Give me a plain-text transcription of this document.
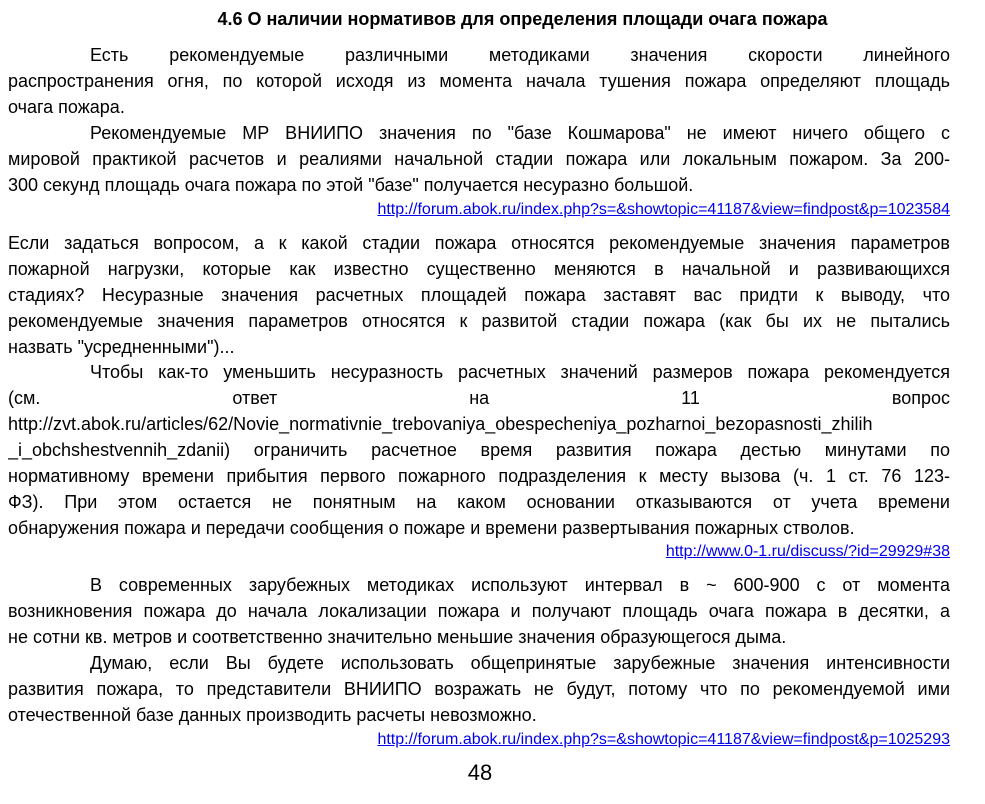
4.6 О наличии нормативов для определения площади очага пожара
Есть рекомендуемые различными методиками значения скорости линейного
распространения огня, по которой исходя из момента начала тушения пожара определяют площадь
очага пожара.
Рекомендуемые МР ВНИИПО значения по "базе Кошмарова" не имеют ничего общего с
мировой практикой расчетов и реалиями начальной стадии пожара или локальным пожаром. За 200-
300 секунд площадь очага пожара по этой "базе" получается несуразно большой.
http://forum.abok.ru/index.php?s=&showtopic=41187&view=findpost&p=1023584
Если задаться вопросом, а к какой стадии пожара относятся рекомендуемые значения параметров
пожарной нагрузки, которые как известно существенно меняются в начальной и развивающихся
стадиях? Несуразные значения расчетных площадей пожара заставят вас придти к выводу, что
рекомендуемые значения параметров относятся к развитой стадии пожара (как бы их не пытались
назвать "усредненными")...
Чтобы как-то уменьшить несуразность расчетных значений размеров пожара рекомендуется
(см. ответ на 11 вопрос
http://zvt.abok.ru/articles/62/Novie_normativnie_trebovaniya_obespecheniya_pozharnoi_bezopasnosti_zhilih
_i_obchshestvennih_zdanii) ограничить расчетное время развития пожара дестью минутами по
нормативному времени прибытия первого пожарного подразделения к месту вызова (ч. 1 ст. 76 123-
ФЗ). При этом остается не понятным на каком основании отказываются от учета времени
обнаружения пожара и передачи сообщения о пожаре и времени развертывания пожарных стволов.
http://www.0-1.ru/discuss/?id=29929#38
В современных зарубежных методиках используют интервал в ~ 600-900 с от момента
возникновения пожара до начала локализации пожара и получают площадь очага пожара в десятки, а
не сотни кв. метров и соответственно значительно меньшие значения образующегося дыма.
Думаю, если Вы будете использовать общепринятые зарубежные значения интенсивности
развития пожара, то представители ВНИИПО возражать не будут, потому что по рекомендуемой ими
отечественной базе данных производить расчеты невозможно.
http://forum.abok.ru/index.php?s=&showtopic=41187&view=findpost&p=1025293
48
